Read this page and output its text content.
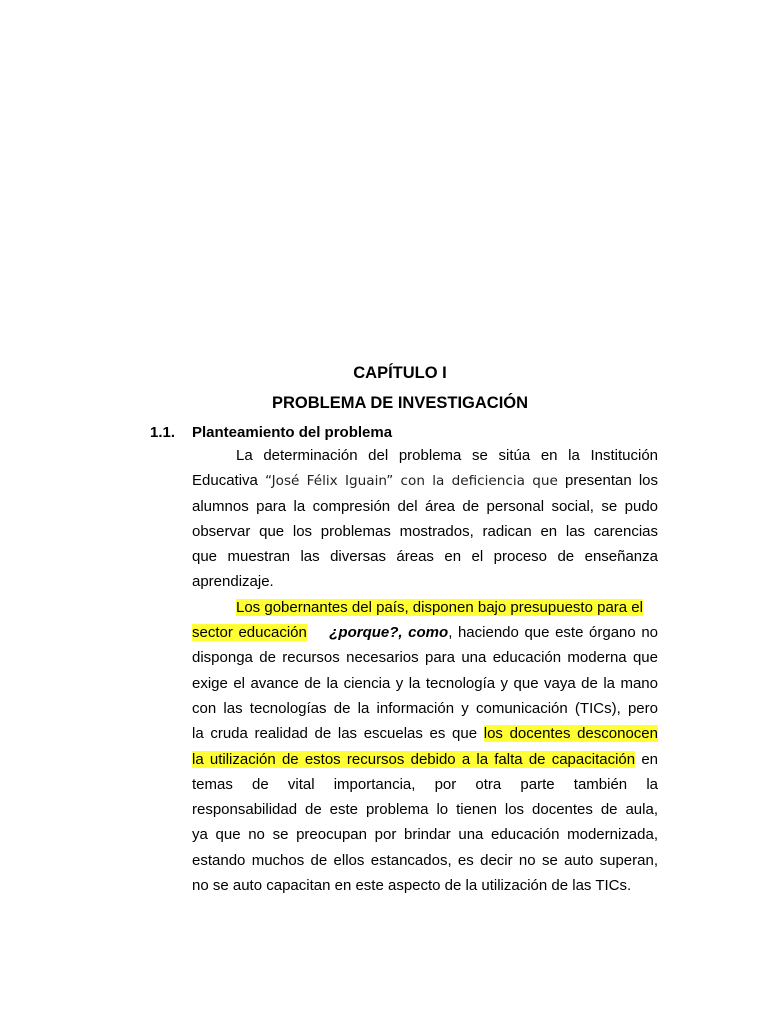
CAPÍTULO I
PROBLEMA DE INVESTIGACIÓN
1.1. Planteamiento del problema
La determinación del problema se sitúa en la Institución
Educativa “José Félix Iguain” con la deficiencia que presentan los
alumnos para la compresión del área de personal social, se pudo
observar que los problemas mostrados, radican en las carencias
que muestran las diversas áreas en el proceso de enseñanza
aprendizaje.
Los gobernantes del país, disponen bajo presupuesto para el
sector educación ¿porque?, como, haciendo que este órgano no
disponga de recursos necesarios para una educación moderna que
exige el avance de la ciencia y la tecnología y que vaya de la mano
con las tecnologías de la información y comunicación (TICs), pero
la cruda realidad de las escuelas es que los docentes desconocen
la utilización de estos recursos debido a la falta de capacitación en
temas de vital importancia, por otra parte también la
responsabilidad de este problema lo tienen los docentes de aula,
ya que no se preocupan por brindar una educación modernizada,
estando muchos de ellos estancados, es decir no se auto superan,
no se auto capacitan en este aspecto de la utilización de las TICs.
